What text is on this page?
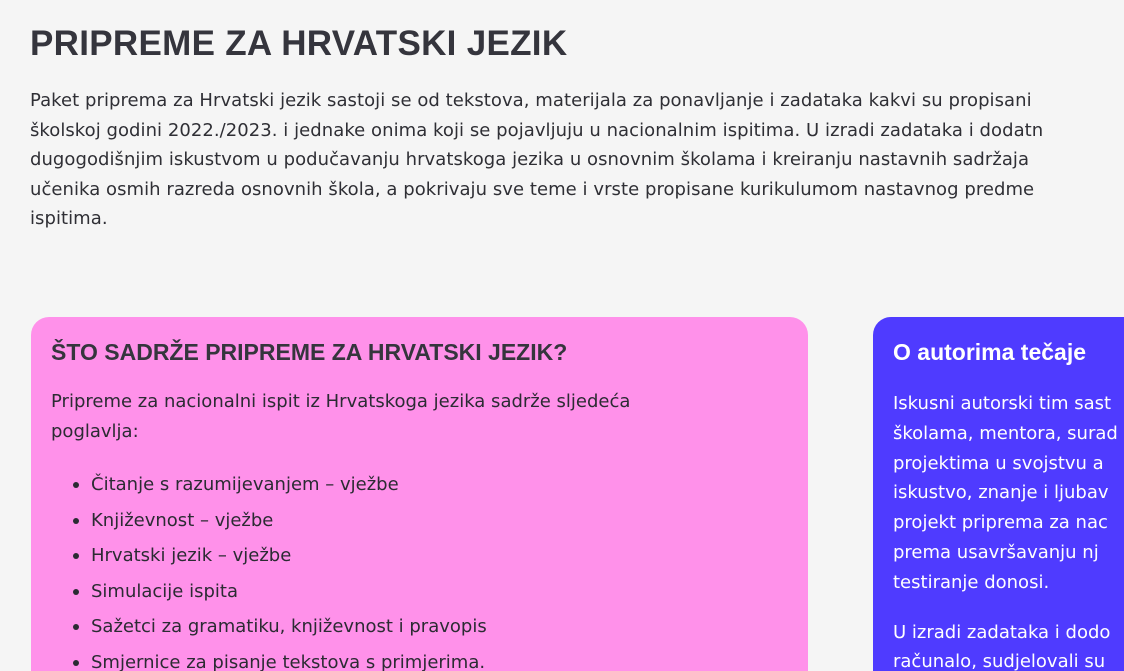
PRIPREME ZA HRVATSKI JEZIK

Paket priprema za Hrvatski jezik sastoji se od tekstova, materijala za ponavljanje i zadataka kakvi su propisani
školskoj godini 2022./2023. i jednake onima koji se pojavljuju u nacionalnim ispitima. U izradi zadataka i dodatn
dugogodišnjim iskustvom u podučavanju hrvatskoga jezika u osnovnim školama i kreiranju nastavnih sadržaja
učenika osmih razreda osnovnih škola, a pokrivaju sve teme i vrste propisane kurikulumom nastavnog predme
ispitima.

ŠTO SADRŽE PRIPREME ZA HRVATSKI JEZIK?

Pripreme za nacionalni ispit iz Hrvatskoga jezika sadrže sljedeća
poglavlja:

Čitanje s razumijevanjem – vježbe
Književnost – vježbe
Hrvatski jezik – vježbe
Simulacije ispita
Sažetci za gramatiku, književnost i pravopis
Smjernice za pisanje tekstova s primjerima.
O autorima tečaje

Iskusni autorski tim sast
školama, mentora, surad
projektima u svojstvu a
iskustvo, znanje i ljubav
projekt priprema za nac
prema usavršavanju nj
testiranje donosi.

U izradi zadataka i dodo
računalo, sudjelovali su
